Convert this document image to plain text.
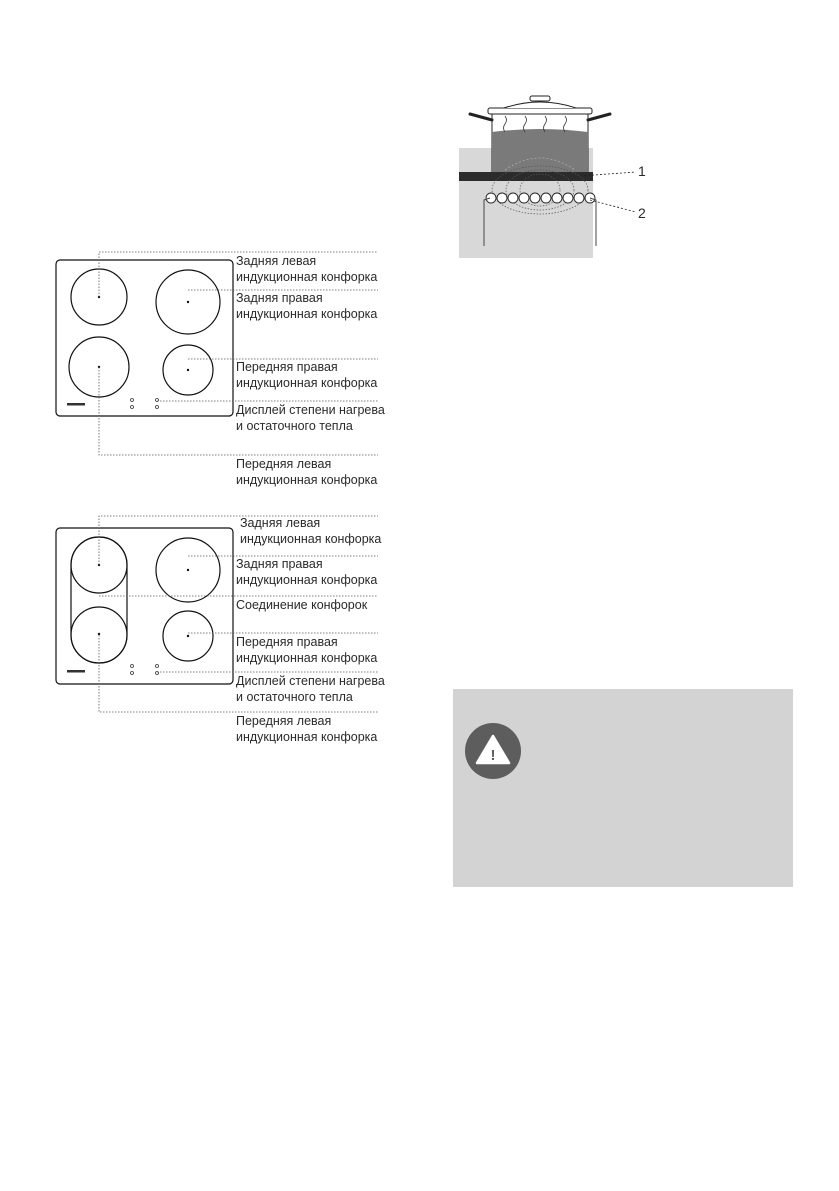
Задняя левая
индукционная конфорка
Задняя правая
индукционная конфорка
Передняя правая
индукционная конфорка
Дисплей степени нагрева
и остаточного тепла
Передняя левая
индукционная конфорка
Задняя левая
индукционная конфорка
Задняя правая
индукционная конфорка
Соединение конфорок
Передняя правая
индукционная конфорка
Дисплей степени нагрева
и остаточного тепла
Передняя левая
индукционная конфорка
1
2
!
